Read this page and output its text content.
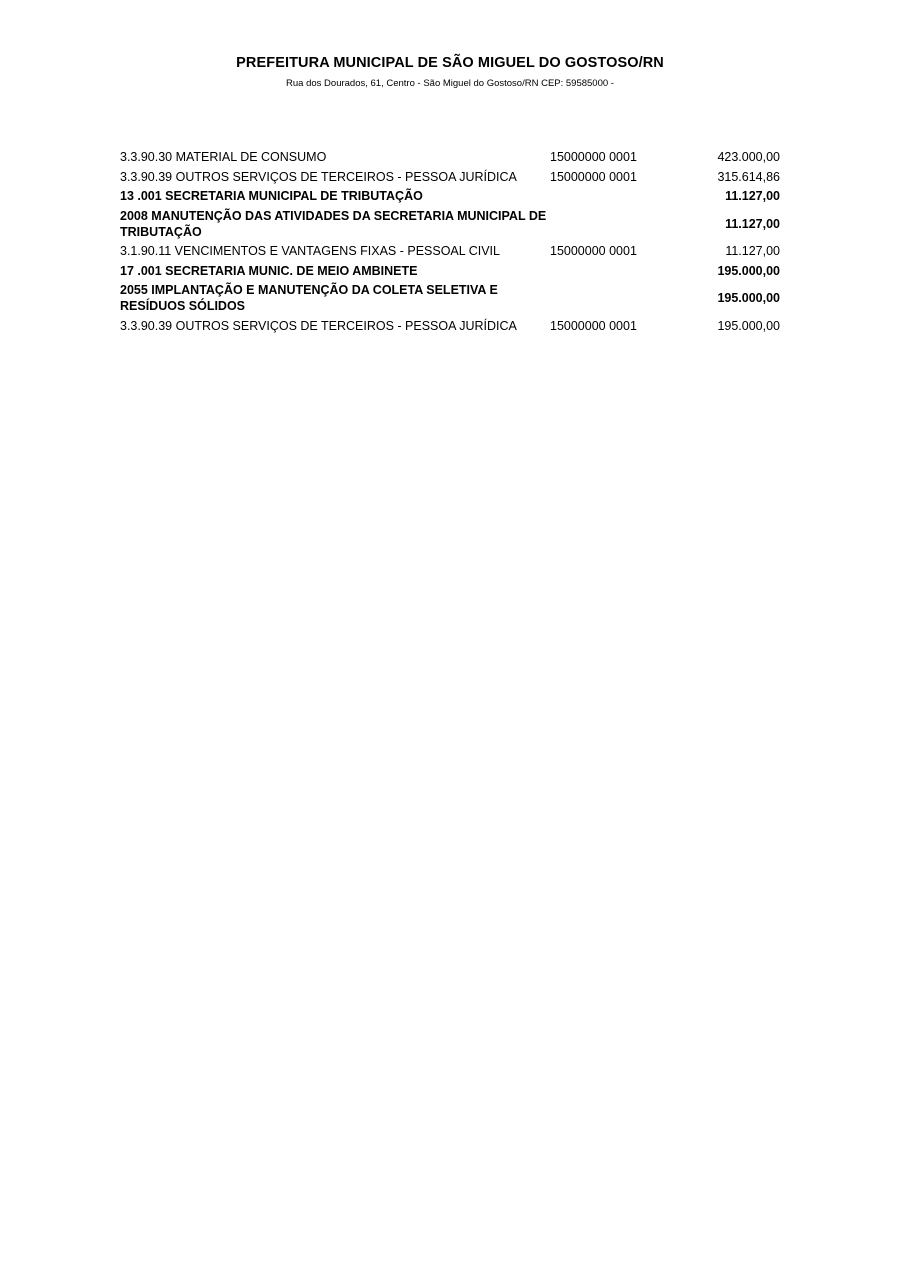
PREFEITURA MUNICIPAL DE SÃO MIGUEL DO GOSTOSO/RN
Rua dos Dourados, 61, Centro - São Miguel do Gostoso/RN CEP: 59585000 -
3.3.90.30 MATERIAL DE CONSUMO	15000000 0001	423.000,00
3.3.90.39 OUTROS SERVIÇOS DE TERCEIROS - PESSOA JURÍDICA	15000000 0001	315.614,86
13 .001 SECRETARIA MUNICIPAL DE TRIBUTAÇÃO		11.127,00
2008 MANUTENÇÃO DAS ATIVIDADES DA SECRETARIA MUNICIPAL DE TRIBUTAÇÃO		11.127,00
3.1.90.11 VENCIMENTOS E VANTAGENS FIXAS - PESSOAL CIVIL	15000000 0001	11.127,00
17 .001 SECRETARIA MUNIC. DE MEIO AMBINETE		195.000,00
2055 IMPLANTAÇÃO E MANUTENÇÃO DA COLETA SELETIVA E RESÍDUOS SÓLIDOS		195.000,00
3.3.90.39 OUTROS SERVIÇOS DE TERCEIROS - PESSOA JURÍDICA	15000000 0001	195.000,00
